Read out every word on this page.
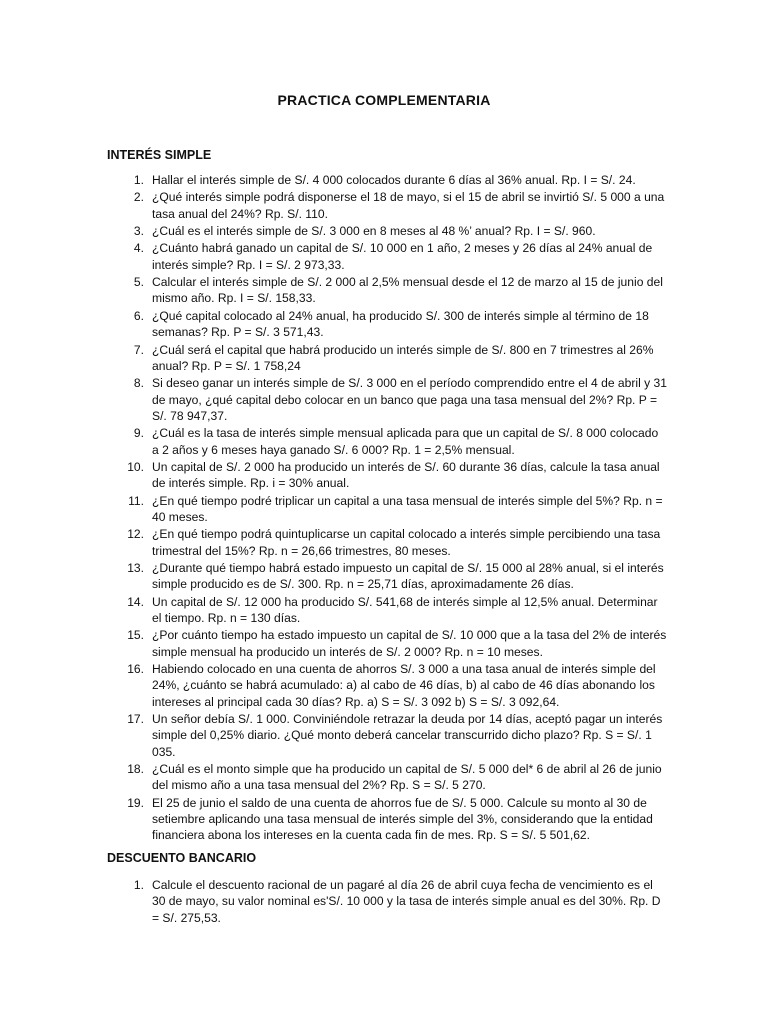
PRACTICA COMPLEMENTARIA
INTERÉS SIMPLE
1. Hallar el interés simple de S/. 4 000 colocados durante 6 días al 36% anual. Rp. I = S/. 24.
2. ¿Qué interés simple podrá disponerse el 18 de mayo, si el 15 de abril se invirtió S/. 5 000 a una tasa anual del 24%? Rp. S/. 110.
3. ¿Cuál es el interés simple de S/. 3 000 en 8 meses al 48 %’ anual? Rp. I = S/. 960.
4. ¿Cuánto habrá ganado un capital de S/. 10 000 en 1 año, 2 meses y 26 días al 24% anual de interés simple? Rp. I = S/. 2 973,33.
5. Calcular el interés simple de S/. 2 000 al 2,5% mensual desde el 12 de marzo al 15 de junio del mismo año. Rp. I = S/. 158,33.
6. ¿Qué capital colocado al 24% anual, ha producido S/. 300 de interés simple al término de 18 semanas? Rp. P = S/. 3 571,43.
7. ¿Cuál será el capital que habrá producido un interés simple de S/. 800 en 7 trimestres al 26% anual? Rp. P = S/. 1 758,24
8. Si deseo ganar un interés simple de S/. 3 000 en el período comprendido entre el 4 de abril y 31 de mayo, ¿qué capital debo colocar en un banco que paga una tasa mensual del 2%? Rp. P = S/. 78 947,37.
9. ¿Cuál es la tasa de interés simple mensual aplicada para que un capital de S/. 8 000 colocado a 2 años y 6 meses haya ganado S/. 6 000? Rp. 1 = 2,5% mensual.
10. Un capital de S/. 2 000 ha producido un interés de S/. 60 durante 36 días, calcule la tasa anual de interés simple. Rp. i = 30% anual.
11. ¿En qué tiempo podré triplicar un capital a una tasa mensual de interés simple del 5%? Rp. n = 40 meses.
12. ¿En qué tiempo podrá quintuplicarse un capital colocado a interés simple percibiendo una tasa trimestral del 15%? Rp. n = 26,66 trimestres, 80 meses.
13. ¿Durante qué tiempo habrá estado impuesto un capital de S/. 15 000 al 28% anual, si el interés simple producido es de S/. 300. Rp. n = 25,71 días, aproximadamente 26 días.
14. Un capital de S/. 12 000 ha producido S/. 541,68 de interés simple al 12,5% anual. Determinar el tiempo. Rp. n = 130 días.
15. ¿Por cuánto tiempo ha estado impuesto un capital de S/. 10 000 que a la tasa del 2% de interés simple mensual ha producido un interés de S/. 2 000? Rp. n = 10 meses.
16. Habiendo colocado en una cuenta de ahorros S/. 3 000 a una tasa anual de interés simple del 24%, ¿cuánto se habrá acumulado: a) al cabo de 46 días, b) al cabo de 46 días abonando los intereses al principal cada 30 días? Rp. a) S = S/. 3 092 b) S = S/. 3 092,64.
17. Un señor debía S/. 1 000. Conviniéndole retrazar la deuda por 14 días, aceptó pagar un interés simple del 0,25% diario. ¿Qué monto deberá cancelar transcurrido dicho plazo? Rp. S = S/. 1 035.
18. ¿Cuál es el monto simple que ha producido un capital de S/. 5 000 del* 6 de abril al 26 de junio del mismo año a una tasa mensual del 2%? Rp. S = S/. 5 270.
19. El 25 de junio el saldo de una cuenta de ahorros fue de S/. 5 000. Calcule su monto al 30 de setiembre aplicando una tasa mensual de interés simple del 3%, considerando que la entidad financiera abona los intereses en la cuenta cada fin de mes. Rp. S = S/. 5 501,62.
DESCUENTO BANCARIO
1. Calcule el descuento racional de un pagaré al día 26 de abril cuya fecha de vencimiento es el 30 de mayo, su valor nominal es'S/. 10 000 y la tasa de interés simple anual es del 30%. Rp. D = S/. 275,53.
